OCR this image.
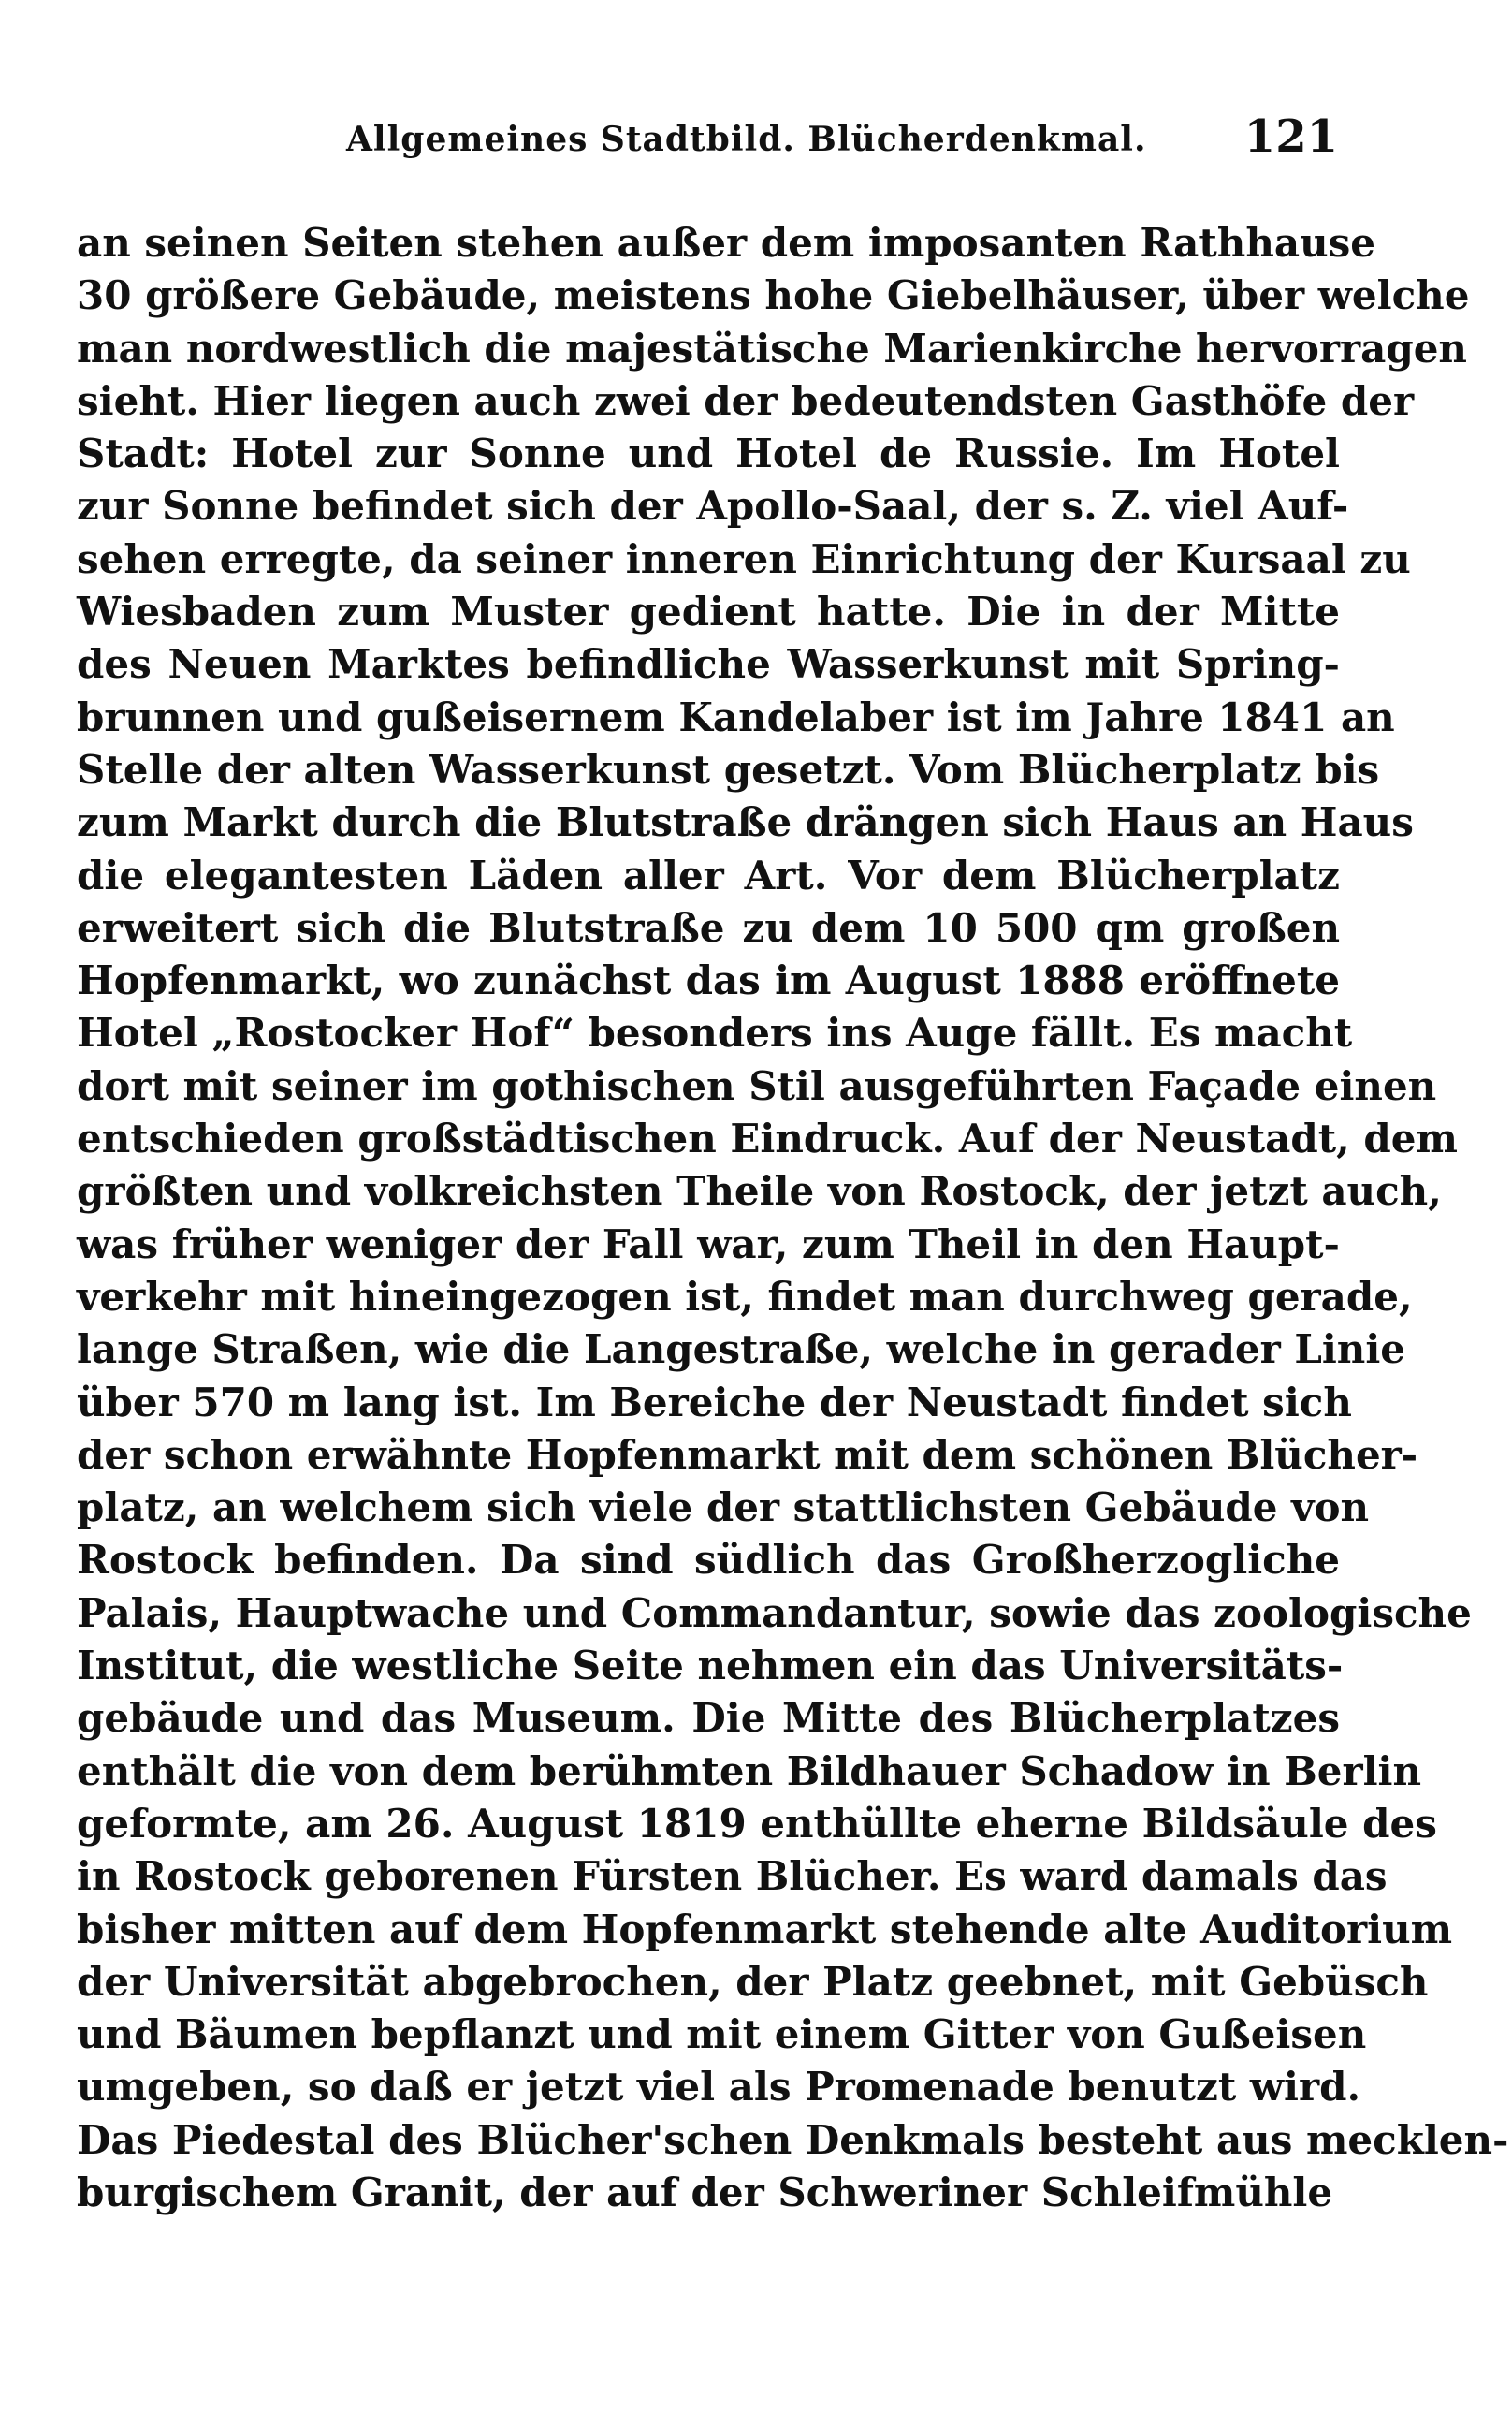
Allgemeines Stadtbild. Blücherdenkmal. 121
an seinen Seiten stehen außer dem imposanten Rathhause
30 größere Gebäude, meistens hohe Giebelhäuser, über welche
man nordwestlich die majestätische Marienkirche hervorragen
sieht. Hier liegen auch zwei der bedeutendsten Gasthöfe der
Stadt: Hotel zur Sonne und Hotel de Russie. Im Hotel
zur Sonne befindet sich der Apollo-Saal, der s. Z. viel Auf-
sehen erregte, da seiner inneren Einrichtung der Kursaal zu
Wiesbaden zum Muster gedient hatte. Die in der Mitte
des Neuen Marktes befindliche Wasserkunst mit Spring-
brunnen und gußeisernem Kandelaber ist im Jahre 1841 an
Stelle der alten Wasserkunst gesetzt. Vom Blücherplatz bis
zum Markt durch die Blutstraße drängen sich Haus an Haus
die elegantesten Läden aller Art. Vor dem Blücherplatz
erweitert sich die Blutstraße zu dem 10 500 qm großen
Hopfenmarkt, wo zunächst das im August 1888 eröffnete
Hotel „Rostocker Hof“ besonders ins Auge fällt. Es macht
dort mit seiner im gothischen Stil ausgeführten Façade einen
entschieden großstädtischen Eindruck. Auf der Neustadt, dem
größten und volkreichsten Theile von Rostock, der jetzt auch,
was früher weniger der Fall war, zum Theil in den Haupt-
verkehr mit hineingezogen ist, findet man durchweg gerade,
lange Straßen, wie die Langestraße, welche in gerader Linie
über 570 m lang ist. Im Bereiche der Neustadt findet sich
der schon erwähnte Hopfenmarkt mit dem schönen Blücher-
platz, an welchem sich viele der stattlichsten Gebäude von
Rostock befinden. Da sind südlich das Großherzogliche
Palais, Hauptwache und Commandantur, sowie das zoologische
Institut, die westliche Seite nehmen ein das Universitäts-
gebäude und das Museum. Die Mitte des Blücherplatzes
enthält die von dem berühmten Bildhauer Schadow in Berlin
geformte, am 26. August 1819 enthüllte eherne Bildsäule des
in Rostock geborenen Fürsten Blücher. Es ward damals das
bisher mitten auf dem Hopfenmarkt stehende alte Auditorium
der Universität abgebrochen, der Platz geebnet, mit Gebüsch
und Bäumen bepflanzt und mit einem Gitter von Gußeisen
umgeben, so daß er jetzt viel als Promenade benutzt wird.
Das Piedestal des Blücher'schen Denkmals besteht aus mecklen-
burgischem Granit, der auf der Schweriner Schleifmühle
